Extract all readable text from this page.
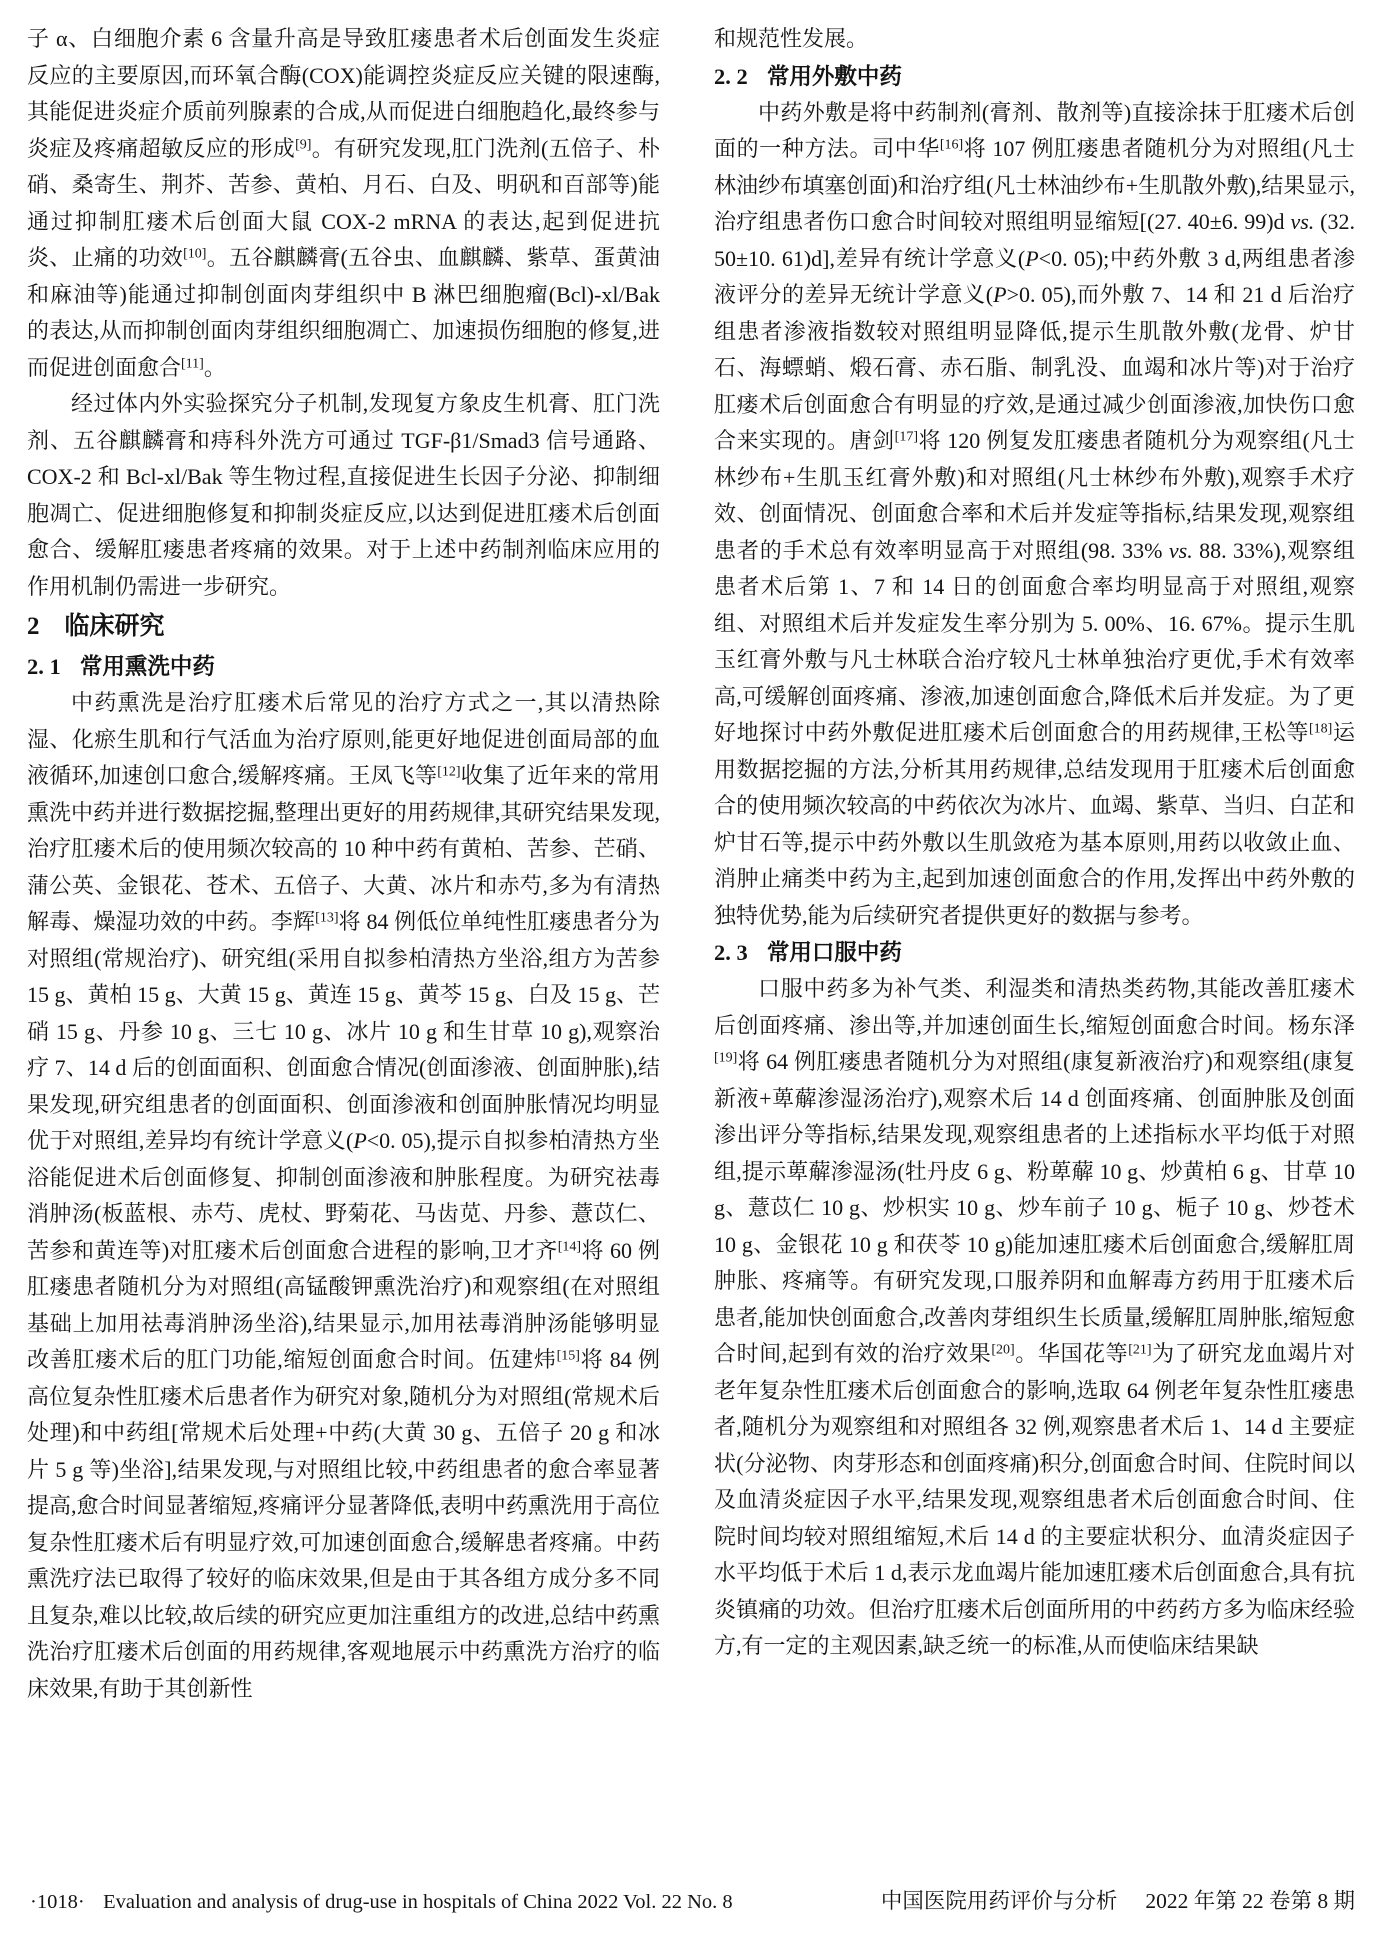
子 α、白细胞介素 6 含量升高是导致肛瘘患者术后创面发生炎症反应的主要原因,而环氧合酶(COX)能调控炎症反应关键的限速酶,其能促进炎症介质前列腺素的合成,从而促进白细胞趋化,最终参与炎症及疼痛超敏反应的形成[9]。有研究发现,肛门洗剂(五倍子、朴硝、桑寄生、荆芥、苦参、黄柏、月石、白及、明矾和百部等)能通过抑制肛瘘术后创面大鼠 COX-2 mRNA 的表达,起到促进抗炎、止痛的功效[10]。五谷麒麟膏(五谷虫、血麒麟、紫草、蛋黄油和麻油等)能通过抑制创面肉芽组织中 B 淋巴细胞瘤(Bcl)-xl/Bak 的表达,从而抑制创面肉芽组织细胞凋亡、加速损伤细胞的修复,进而促进创面愈合[11]。

经过体内外实验探究分子机制,发现复方象皮生机膏、肛门洗剂、五谷麒麟膏和痔科外洗方可通过 TGF-β1/Smad3 信号通路、COX-2 和 Bcl-xl/Bak 等生物过程,直接促进生长因子分泌、抑制细胞凋亡、促进细胞修复和抑制炎症反应,以达到促进肛瘘术后创面愈合、缓解肛瘘患者疼痛的效果。对于上述中药制剂临床应用的作用机制仍需进一步研究。

2 临床研究
2. 1 常用熏洗中药

中药熏洗是治疗肛瘘术后常见的治疗方式之一,其以清热除湿、化瘀生肌和行气活血为治疗原则,能更好地促进创面局部的血液循环,加速创口愈合,缓解疼痛。王凤飞等[12]收集了近年来的常用熏洗中药并进行数据挖掘,整理出更好的用药规律,其研究结果发现,治疗肛瘘术后的使用频次较高的 10 种中药有黄柏、苦参、芒硝、蒲公英、金银花、苍术、五倍子、大黄、冰片和赤芍,多为有清热解毒、燥湿功效的中药。李辉[13]将 84 例低位单纯性肛瘘患者分为对照组(常规治疗)、研究组(采用自拟参柏清热方坐浴,组方为苦参 15 g、黄柏 15 g、大黄 15 g、黄连 15 g、黄芩 15 g、白及 15 g、芒硝 15 g、丹参 10 g、三七 10 g、冰片 10 g 和生甘草 10 g),观察治疗 7、14 d 后的创面面积、创面愈合情况(创面渗液、创面肿胀),结果发现,研究组患者的创面面积、创面渗液和创面肿胀情况均明显优于对照组,差异均有统计学意义(P<0. 05),提示自拟参柏清热方坐浴能促进术后创面修复、抑制创面渗液和肿胀程度。为研究祛毒消肿汤(板蓝根、赤芍、虎杖、野菊花、马齿苋、丹参、薏苡仁、苦参和黄连等)对肛瘘术后创面愈合进程的影响,卫才齐[14]将 60 例肛瘘患者随机分为对照组(高锰酸钾熏洗治疗)和观察组(在对照组基础上加用祛毒消肿汤坐浴),结果显示,加用祛毒消肿汤能够明显改善肛瘘术后的肛门功能,缩短创面愈合时间。伍建炜[15]将 84 例高位复杂性肛瘘术后患者作为研究对象,随机分为对照组(常规术后处理)和中药组[常规术后处理+中药(大黄 30 g、五倍子 20 g 和冰片 5 g 等)坐浴],结果发现,与对照组比较,中药组患者的愈合率显著提高,愈合时间显著缩短,疼痛评分显著降低,表明中药熏洗用于高位复杂性肛瘘术后有明显疗效,可加速创面愈合,缓解患者疼痛。中药熏洗疗法已取得了较好的临床效果,但是由于其各组方成分多不同且复杂,难以比较,故后续的研究应更加注重组方的改进,总结中药熏洗治疗肛瘘术后创面的用药规律,客观地展示中药熏洗方治疗的临床效果,有助于其创新性

和规范性发展。

2. 2 常用外敷中药

中药外敷是将中药制剂(膏剂、散剂等)直接涂抹于肛瘘术后创面的一种方法。司中华[16]将 107 例肛瘘患者随机分为对照组(凡士林油纱布填塞创面)和治疗组(凡士林油纱布+生肌散外敷),结果显示,治疗组患者伤口愈合时间较对照组明显缩短[(27. 40±6. 99)d vs. (32. 50±10. 61)d],差异有统计学意义(P<0. 05);中药外敷 3 d,两组患者渗液评分的差异无统计学意义(P>0. 05),而外敷 7、14 和 21 d 后治疗组患者渗液指数较对照组明显降低,提示生肌散外敷(龙骨、炉甘石、海螵蛸、煅石膏、赤石脂、制乳没、血竭和冰片等)对于治疗肛瘘术后创面愈合有明显的疗效,是通过减少创面渗液,加快伤口愈合来实现的。唐剑[17]将 120 例复发肛瘘患者随机分为观察组(凡士林纱布+生肌玉红膏外敷)和对照组(凡士林纱布外敷),观察手术疗效、创面情况、创面愈合率和术后并发症等指标,结果发现,观察组患者的手术总有效率明显高于对照组(98. 33% vs. 88. 33%),观察组患者术后第 1、7 和 14 日的创面愈合率均明显高于对照组,观察组、对照组术后并发症发生率分别为 5. 00%、16. 67%。提示生肌玉红膏外敷与凡士林联合治疗较凡士林单独治疗更优,手术有效率高,可缓解创面疼痛、渗液,加速创面愈合,降低术后并发症。为了更好地探讨中药外敷促进肛瘘术后创面愈合的用药规律,王松等[18]运用数据挖掘的方法,分析其用药规律,总结发现用于肛瘘术后创面愈合的使用频次较高的中药依次为冰片、血竭、紫草、当归、白芷和炉甘石等,提示中药外敷以生肌敛疮为基本原则,用药以收敛止血、消肿止痛类中药为主,起到加速创面愈合的作用,发挥出中药外敷的独特优势,能为后续研究者提供更好的数据与参考。

2. 3 常用口服中药

口服中药多为补气类、利湿类和清热类药物,其能改善肛瘘术后创面疼痛、渗出等,并加速创面生长,缩短创面愈合时间。杨东泽[19]将 64 例肛瘘患者随机分为对照组(康复新液治疗)和观察组(康复新液+萆薢渗湿汤治疗),观察术后 14 d 创面疼痛、创面肿胀及创面渗出评分等指标,结果发现,观察组患者的上述指标水平均低于对照组,提示萆薢渗湿汤(牡丹皮 6 g、粉萆薢 10 g、炒黄柏 6 g、甘草 10 g、薏苡仁 10 g、炒枳实 10 g、炒车前子 10 g、栀子 10 g、炒苍术 10 g、金银花 10 g 和茯苓 10 g)能加速肛瘘术后创面愈合,缓解肛周肿胀、疼痛等。有研究发现,口服养阴和血解毒方药用于肛瘘术后患者,能加快创面愈合,改善肉芽组织生长质量,缓解肛周肿胀,缩短愈合时间,起到有效的治疗效果[20]。华国花等[21]为了研究龙血竭片对老年复杂性肛瘘术后创面愈合的影响,选取 64 例老年复杂性肛瘘患者,随机分为观察组和对照组各 32 例,观察患者术后 1、14 d 主要症状(分泌物、肉芽形态和创面疼痛)积分,创面愈合时间、住院时间以及血清炎症因子水平,结果发现,观察组患者术后创面愈合时间、住院时间均较对照组缩短,术后 14 d 的主要症状积分、血清炎症因子水平均低于术后 1 d,表示龙血竭片能加速肛瘘术后创面愈合,具有抗炎镇痛的功效。但治疗肛瘘术后创面所用的中药药方多为临床经验方,有一定的主观因素,缺乏统一的标准,从而使临床结果缺

·1018· Evaluation and analysis of drug-use in hospitals of China 2022 Vol. 22 No. 8	中国医院用药评价与分析 2022 年第 22 卷第 8 期
